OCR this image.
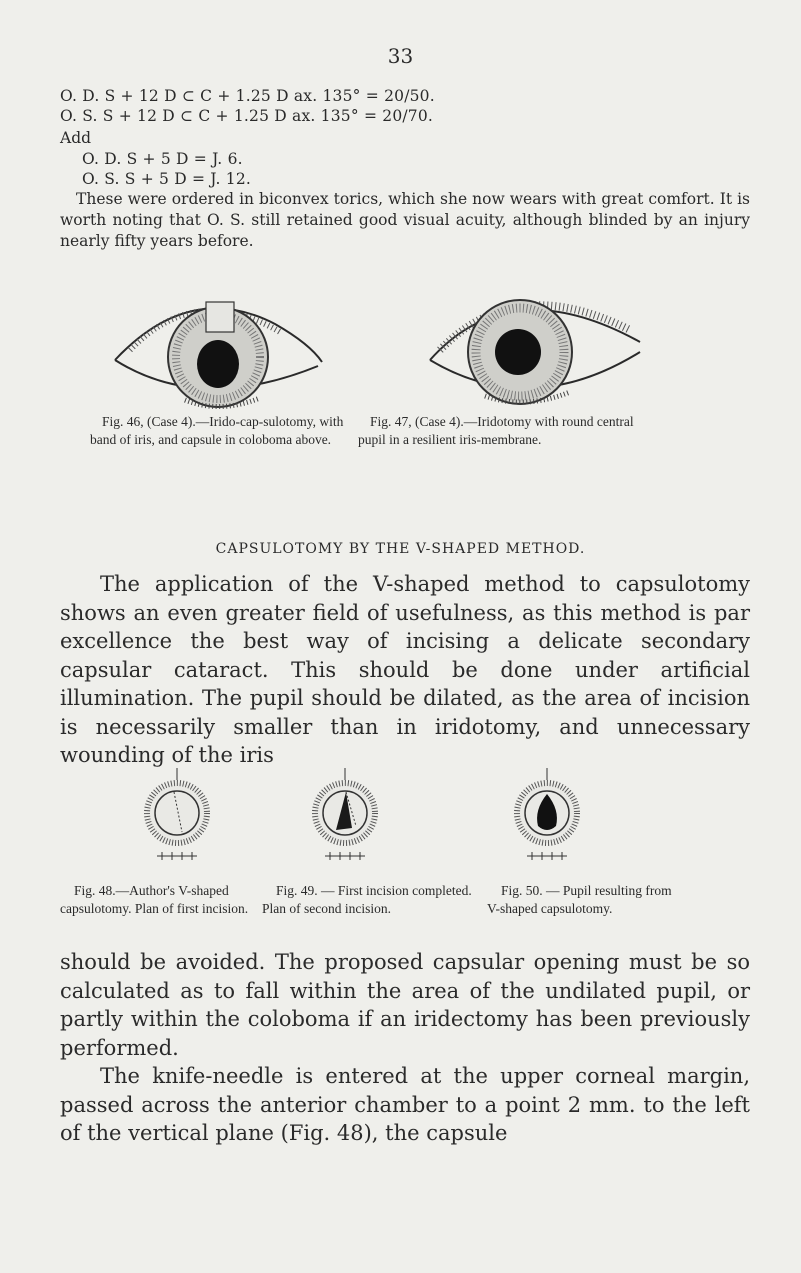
33
O. D. S + 12 D ⊂ C + 1.25 D ax. 135° = 20/50.
O. S. S + 12 D ⊂ C + 1.25 D ax. 135° = 20/70.
Add
O. D. S + 5 D = J. 6.
O. S. S + 5 D = J. 12.
These were ordered in biconvex torics, which she now wears with great comfort. It is worth noting that O. S. still retained good visual acuity, although blinded by an injury nearly fifty years before.
Fig. 46, (Case 4).—Irido-cap-sulotomy, with band of iris, and capsule in coloboma above.
Fig. 47, (Case 4).—Iridotomy with round central pupil in a resilient iris-membrane.
CAPSULOTOMY BY THE V-SHAPED METHOD.
The application of the V-shaped method to capsulotomy shows an even greater field of usefulness, as this method is par excellence the best way of incising a delicate secondary capsular cataract. This should be done under artificial illumination. The pupil should be dilated, as the area of incision is necessarily smaller than in iridotomy, and unnecessary wounding of the iris
Fig. 48.—Author's V-shaped capsulotomy. Plan of first incision.
Fig. 49. — First incision completed. Plan of second incision.
Fig. 50. — Pupil resulting from V-shaped capsulotomy.
should be avoided. The proposed capsular opening must be so calculated as to fall within the area of the undilated pupil, or partly within the coloboma if an iridectomy has been previously performed.
The knife-needle is entered at the upper corneal margin, passed across the anterior chamber to a point 2 mm. to the left of the vertical plane (Fig. 48), the capsule
